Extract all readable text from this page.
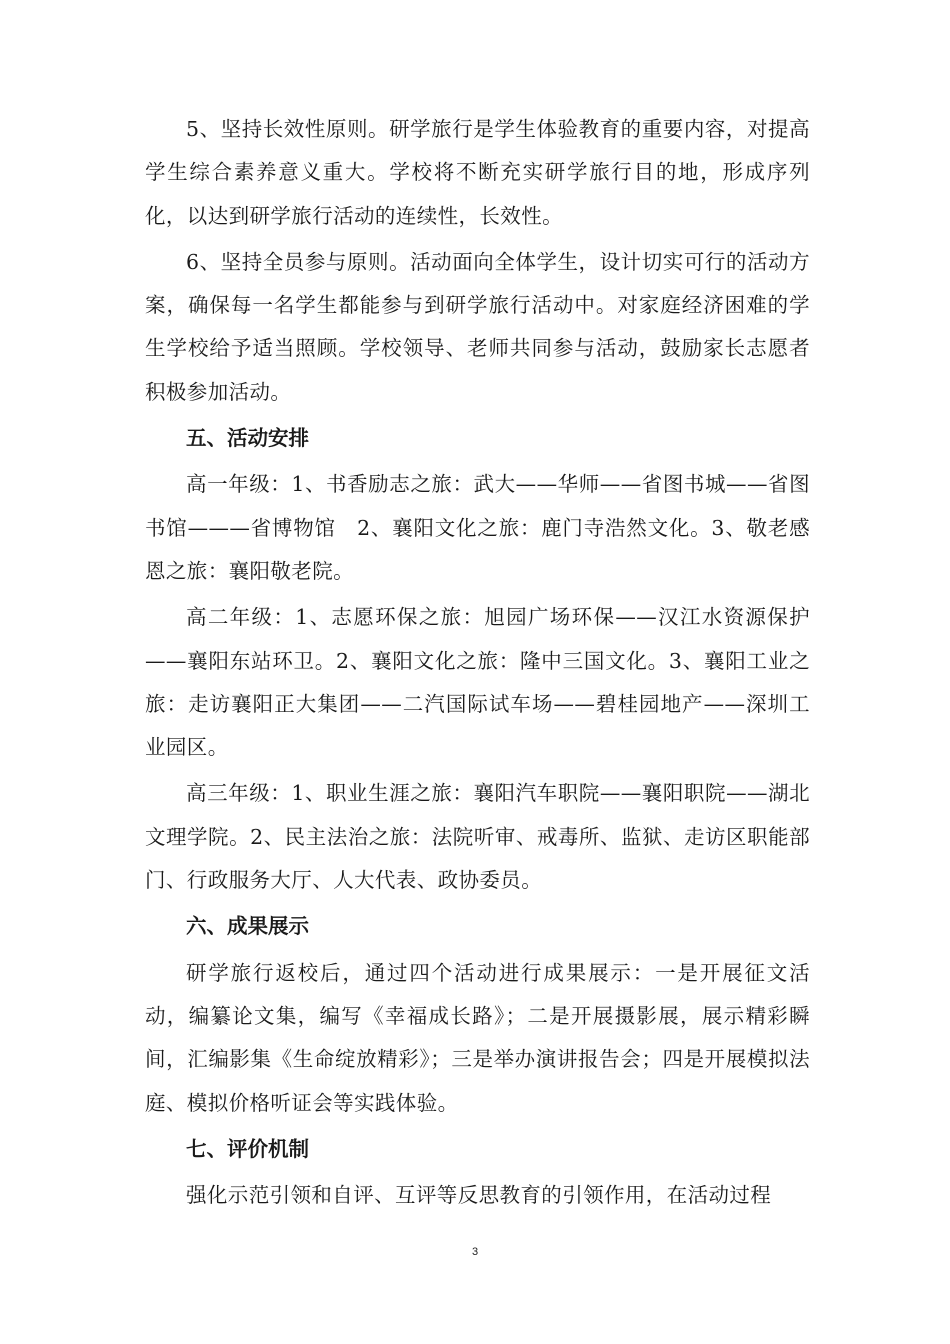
5、坚持长效性原则。研学旅行是学生体验教育的重要内容，对提高学生综合素养意义重大。学校将不断充实研学旅行目的地，形成序列化，以达到研学旅行活动的连续性，长效性。

6、坚持全员参与原则。活动面向全体学生，设计切实可行的活动方案，确保每一名学生都能参与到研学旅行活动中。对家庭经济困难的学生学校给予适当照顾。学校领导、老师共同参与活动，鼓励家长志愿者积极参加活动。

五、活动安排

高一年级：1、书香励志之旅：武大——华师——省图书城——省图书馆———省博物馆　2、襄阳文化之旅：鹿门寺浩然文化。3、敬老感恩之旅：襄阳敬老院。

高二年级：1、志愿环保之旅：旭园广场环保——汉江水资源保护——襄阳东站环卫。2、襄阳文化之旅：隆中三国文化。3、襄阳工业之旅：走访襄阳正大集团——二汽国际试车场——碧桂园地产——深圳工业园区。

高三年级：1、职业生涯之旅：襄阳汽车职院——襄阳职院——湖北文理学院。2、民主法治之旅：法院听审、戒毒所、监狱、走访区职能部门、行政服务大厅、人大代表、政协委员。

六、成果展示

研学旅行返校后，通过四个活动进行成果展示：一是开展征文活动，编纂论文集，编写《幸福成长路》；二是开展摄影展，展示精彩瞬间，汇编影集《生命绽放精彩》；三是举办演讲报告会；四是开展模拟法庭、模拟价格听证会等实践体验。

七、评价机制

强化示范引领和自评、互评等反思教育的引领作用，在活动过程

3
